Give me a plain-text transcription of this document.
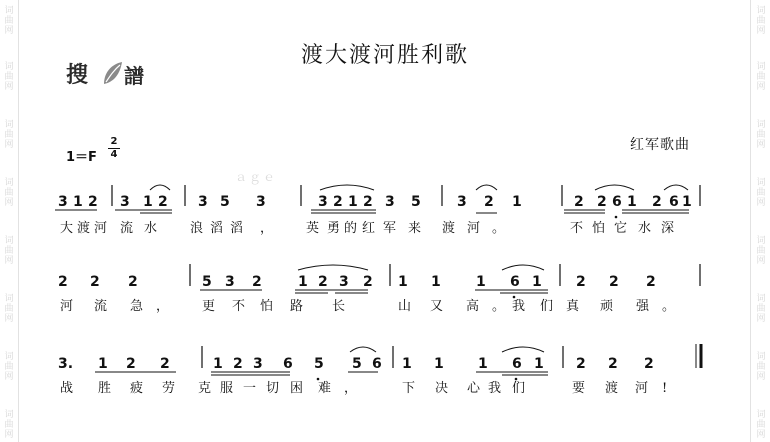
词
曲
网
词
曲
网
词
曲
网
词
曲
网
词
曲
网
词
曲
网
词
曲
网
词
曲
网
词
曲
网
词
曲
网
词
曲
网
词
曲
网
词
曲
网
词
曲
网
词
曲
网
词
曲
网
搜 譜
渡大渡河胜利歌
1＝F
2
4
红军歌曲
ａｇｅ
3 1 2 3 1 2 3 5 3	3 2 1 2 3 5	3 2 1	2 2 6 1 2 6 1
大 渡 河 流 水	浪 滔 滔 ，	英 勇 的 红 军 来 渡 河 。	不 怕 它 水 深
2 2 2	5 3 2	1 2 3 2 1 1	1 6 1 2 2 2
河 流 急 ，	更 不 怕 路 长	山 又 高 。 我 们 真 顽 强 。
3. 1 2 2	1 2 3 6 5 5 6 1 1 1 6 1 2 2 2
战 胜 疲 劳 克 服 一 切 困 难 ，	下 决 心 我 们	要 渡 河 !
